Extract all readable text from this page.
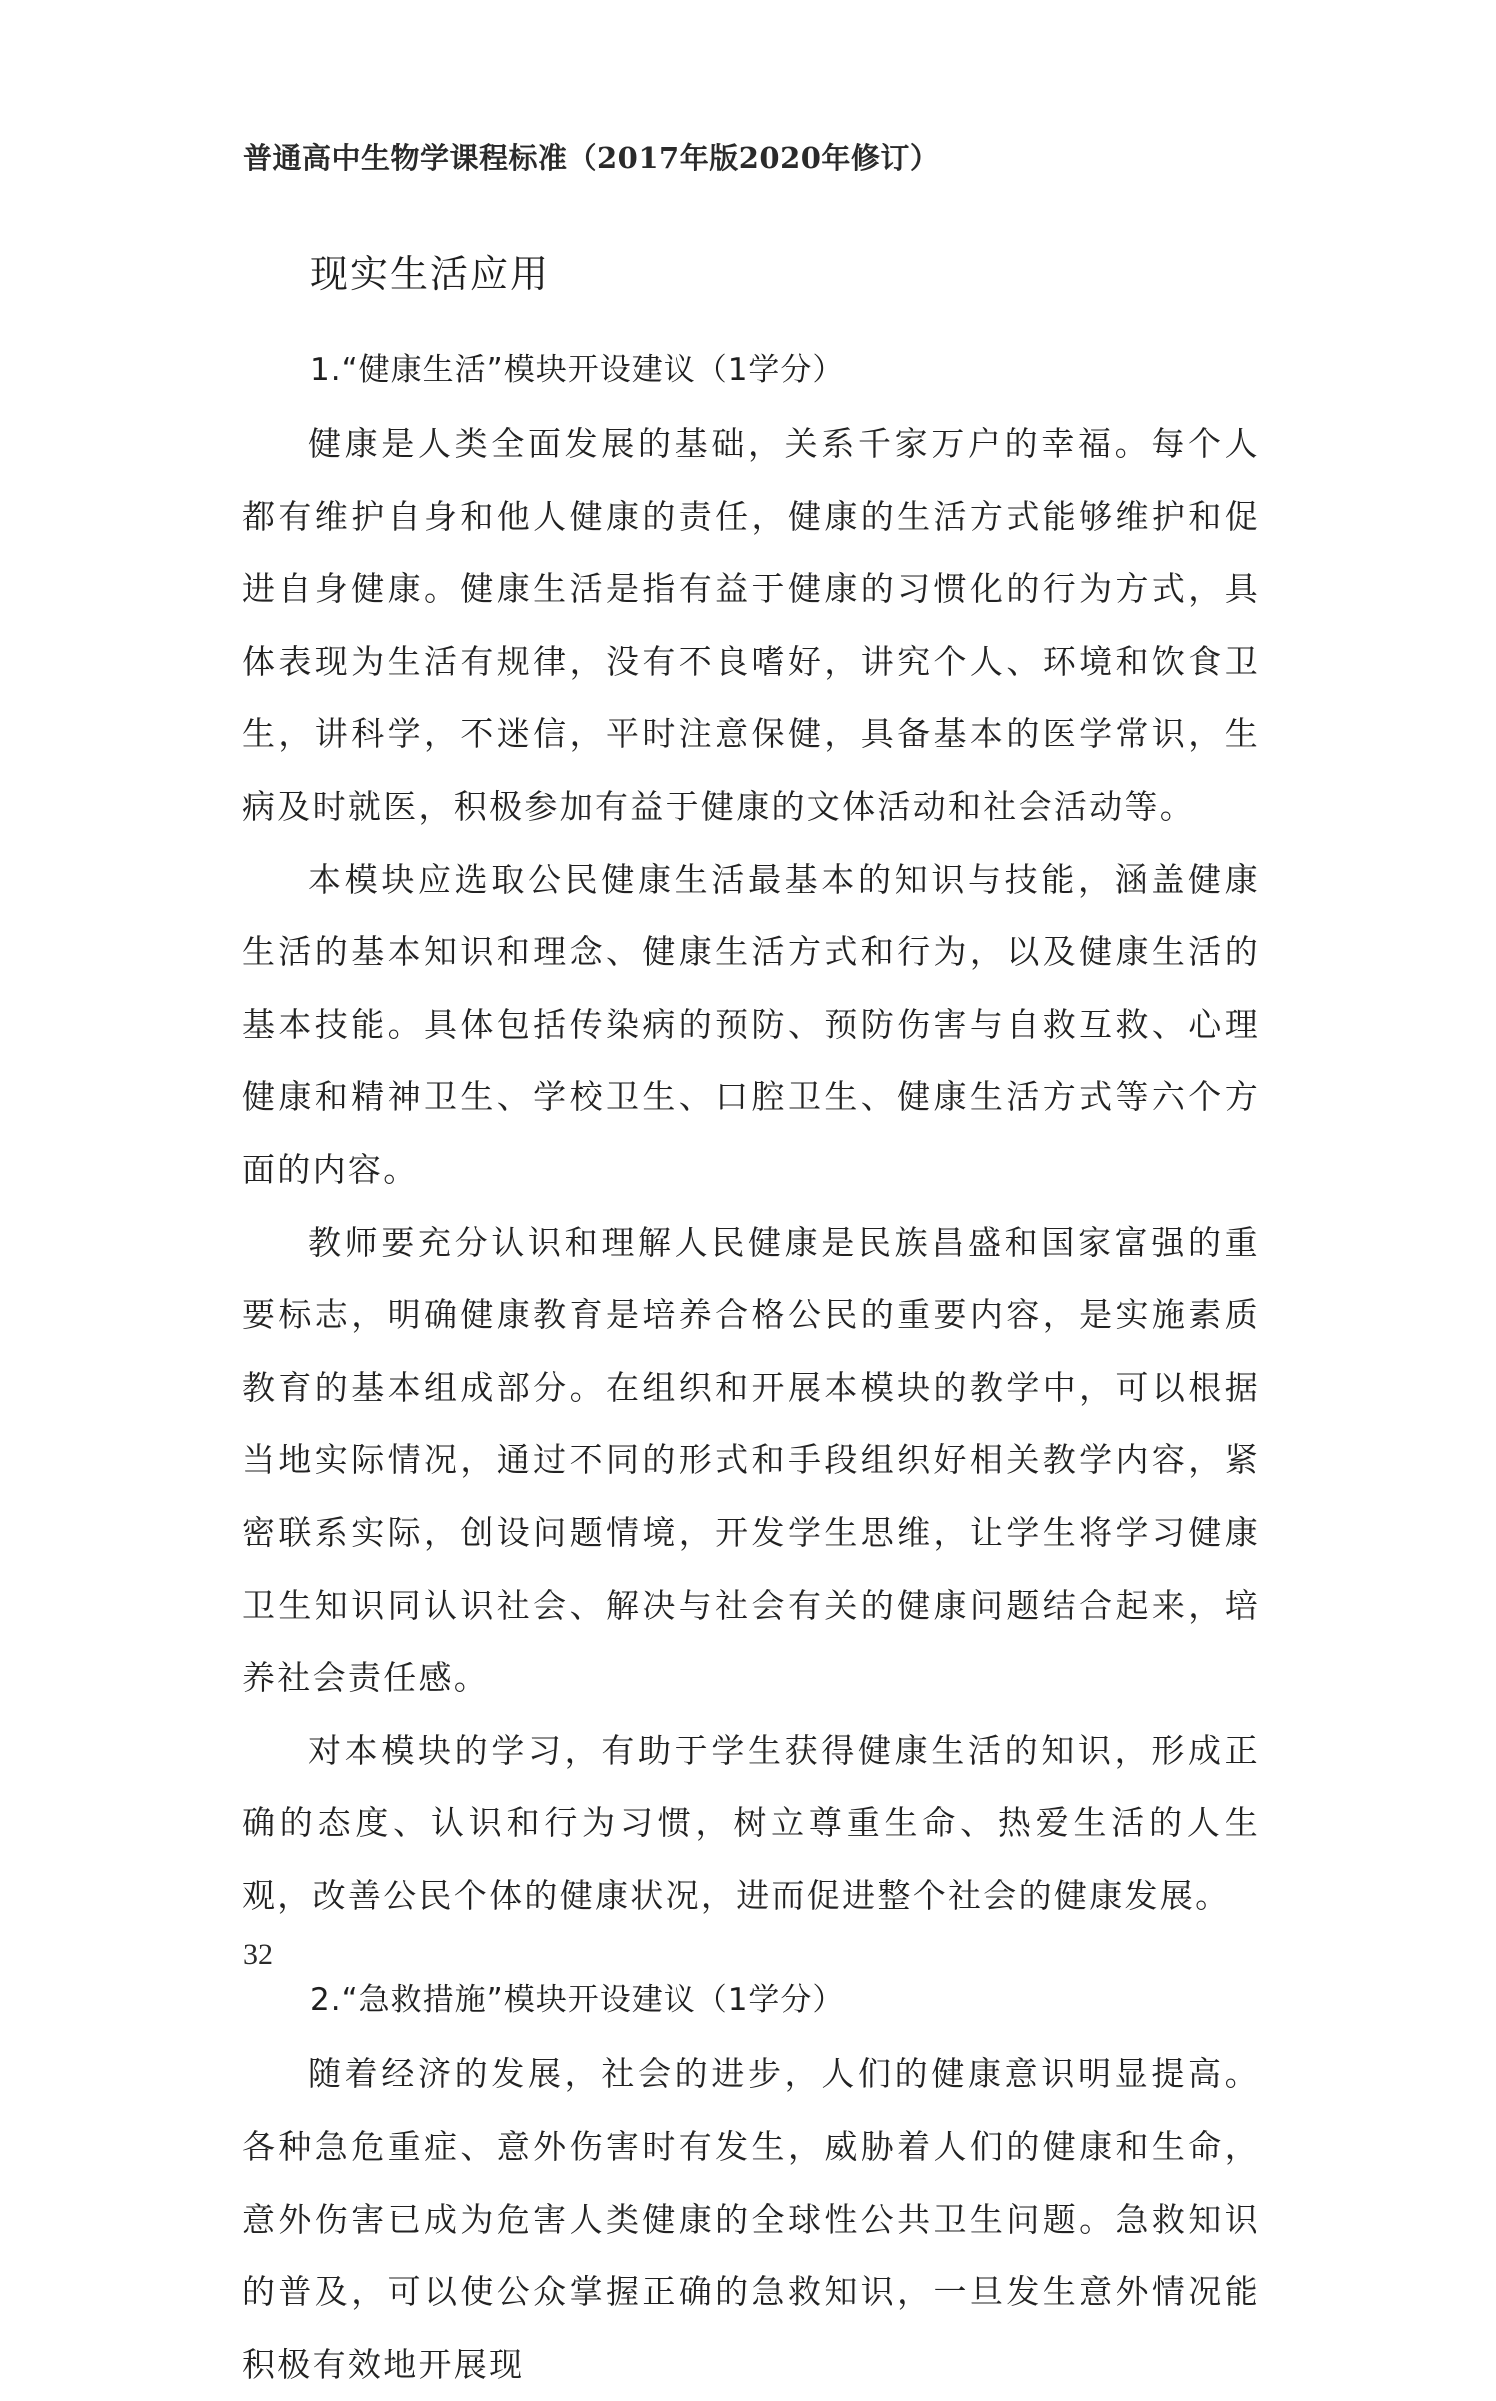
普通高中生物学课程标准（2017年版2020年修订）
现实生活应用
1.“健康生活”模块开设建议（1学分）

健康是人类全面发展的基础，关系千家万户的幸福。每个人都有维护自身和他人健康的责任，健康的生活方式能够维护和促进自身健康。健康生活是指有益于健康的习惯化的行为方式，具体表现为生活有规律，没有不良嗜好，讲究个人、环境和饮食卫生，讲科学，不迷信，平时注意保健，具备基本的医学常识，生病及时就医，积极参加有益于健康的文体活动和社会活动等。

本模块应选取公民健康生活最基本的知识与技能，涵盖健康生活的基本知识和理念、健康生活方式和行为，以及健康生活的基本技能。具体包括传染病的预防、预防伤害与自救互救、心理健康和精神卫生、学校卫生、口腔卫生、健康生活方式等六个方面的内容。

教师要充分认识和理解人民健康是民族昌盛和国家富强的重要标志，明确健康教育是培养合格公民的重要内容，是实施素质教育的基本组成部分。在组织和开展本模块的教学中，可以根据当地实际情况，通过不同的形式和手段组织好相关教学内容，紧密联系实际，创设问题情境，开发学生思维，让学生将学习健康卫生知识同认识社会、解决与社会有关的健康问题结合起来，培养社会责任感。

对本模块的学习，有助于学生获得健康生活的知识，形成正确的态度、认识和行为习惯，树立尊重生命、热爱生活的人生观，改善公民个体的健康状况，进而促进整个社会的健康发展。

2.“急救措施”模块开设建议（1学分）

随着经济的发展，社会的进步，人们的健康意识明显提高。各种急危重症、意外伤害时有发生，威胁着人们的健康和生命，意外伤害已成为危害人类健康的全球性公共卫生问题。急救知识的普及，可以使公众掌握正确的急救知识，一旦发生意外情况能积极有效地开展现

32
